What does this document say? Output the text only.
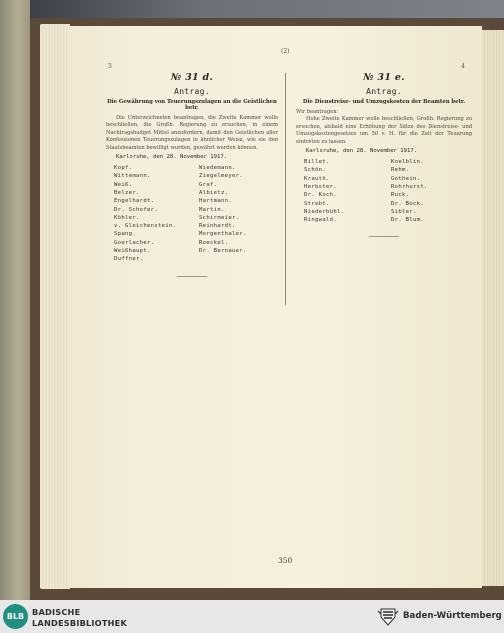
(2)
3	4
№ 31 d.
Antrag.
Die Gewährung von Teuerungszulagen an die Geistlichen betr.
Die Unterzeichneten beantragen, die Zweite Kammer wolle beschließen, die Großh. Regierung zu ersuchen, in einem Nachtragsbudget Mittel anzufordern, damit den Geistlichen aller Konfessionen Teuerungszulagen in ähnlicher Weise, wie sie den Staatsbeamten bewilligt wurden, gewährt werden können.
Karlsruhe, den 28. November 1917.
Kopf.	Wiedemann.
Wittemann.	Ziegelmeyer.
Weiß.	Graf.
Belzer.	Albietz.
Engelhardt.	Hartmann.
Dr. Schofer.	Martin.
Köhler.	Schirmeier.
v. Gleichenstein.	Reinhardt.
Spang.	Morgenthaler.
Goerlacher.	Roeckel.
Weißhaupt.	Dr. Bernauer.
Duffner.
№ 31 e.
Antrag.
Die Dienstreise- und Umzugskosten der Beamten betr.
Wir beantragen:
Hohe Zweite Kammer wolle beschließen, Großh. Regierung zu ersuchen, alsbald eine Erhöhung der Sätze des Dienstreise- und Umzugskostengesetzes um 50 v. H. für die Zeit der Teuerung eintreten zu lassen.
Karlsruhe, den 28. November 1917.
Billet.	Koelblin.
Schön.	Rehm.
Krauth.	Gothein.
Herbster.	Rohrhurst.
Dr. Koch.	Ruck.
Strebt.	Dr. Bock.
Niederbühl.	Sibler.
Ringwald.	Dr. Blum.
350
BLB BADISCHE
LANDESBIBLIOTHEK
Baden-Württemberg
